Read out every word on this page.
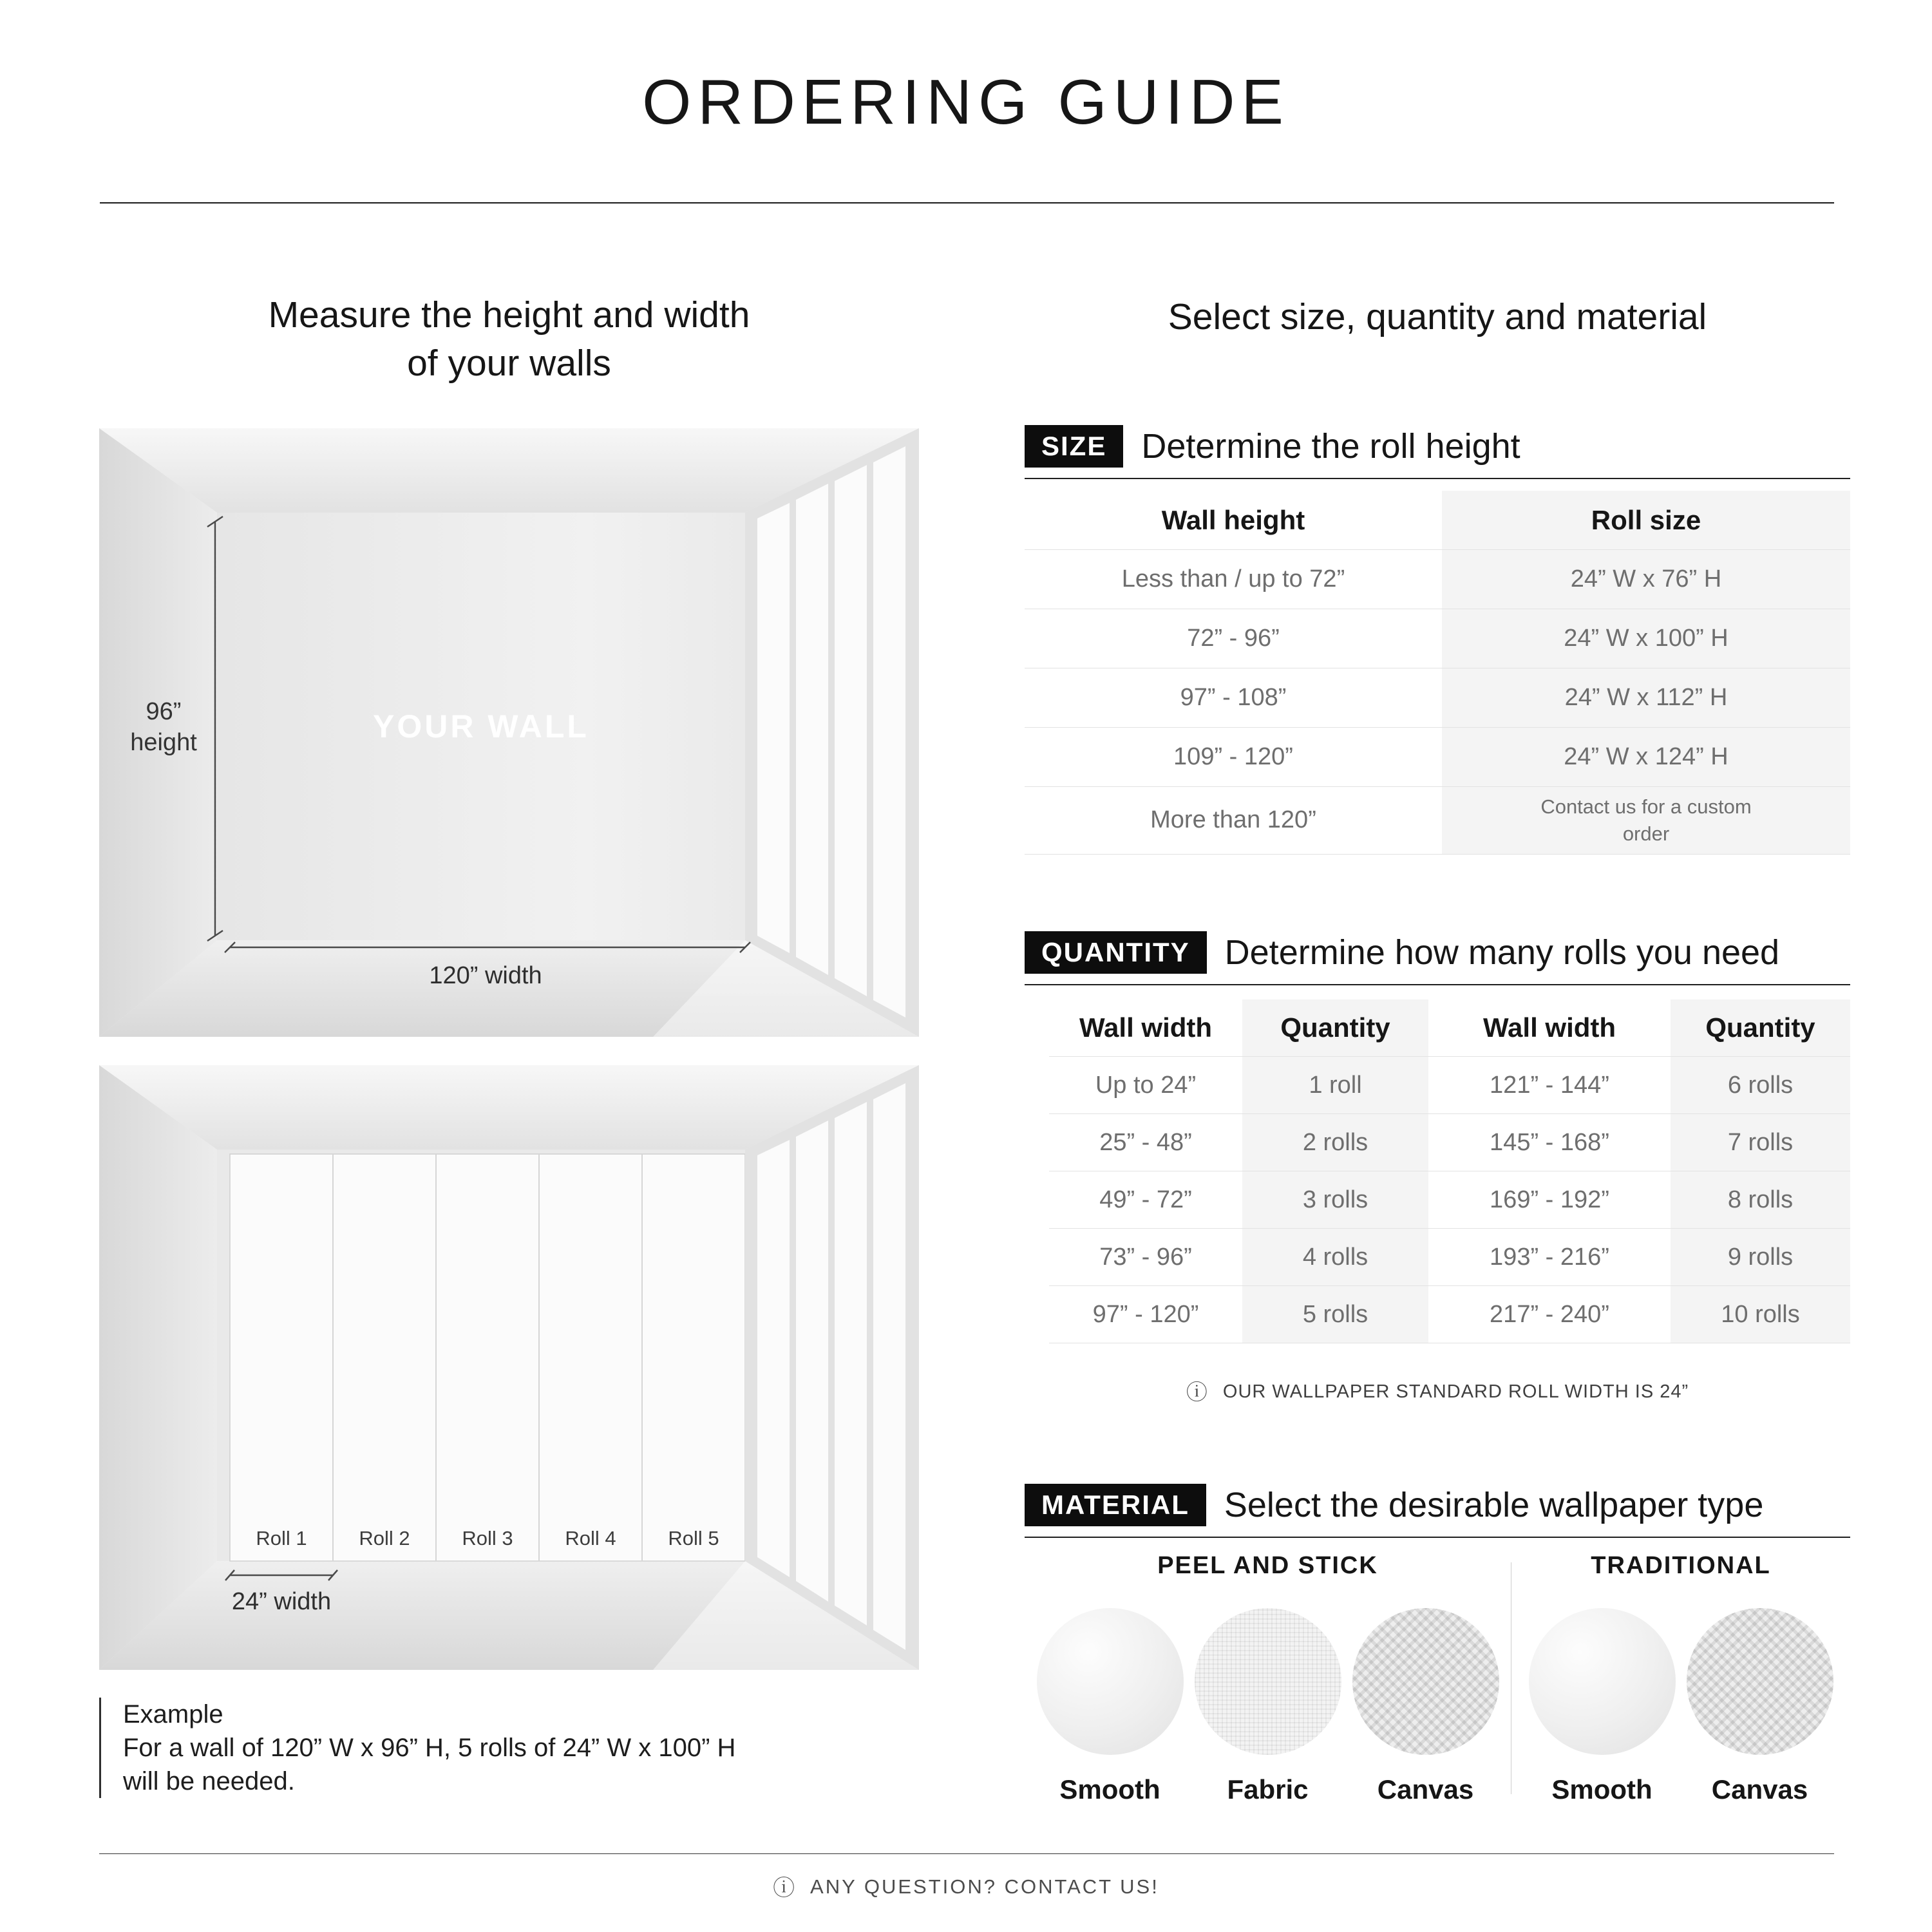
ORDERING GUIDE
Measure the height and width
of your walls
YOUR WALL
96”
height
120” width
Roll 1	Roll 2	Roll 3	Roll 4	Roll 5
24” width
Example
For a wall of 120” W x 96” H, 5 rolls of 24” W x 100” H
will be needed.
Select size, quantity and material
SIZE	Determine the roll height
Wall height	Roll size
Less than / up to 72”	24” W x 76” H
72” - 96”	24” W x 100” H
97” - 108”	24” W x 112” H
109” - 120”	24” W x 124” H
More than 120”	Contact us for a custom order
QUANTITY	Determine how many rolls you need
Wall width	Quantity	Wall width	Quantity
Up to 24”	1 roll	121” - 144”	6 rolls
25” - 48”	2 rolls	145” - 168”	7 rolls
49” - 72”	3 rolls	169” - 192”	8 rolls
73” - 96”	4 rolls	193” - 216”	9 rolls
97” - 120”	5 rolls	217” - 240”	10 rolls
ⓘ OUR WALLPAPER STANDARD ROLL WIDTH IS 24”
MATERIAL	Select the desirable wallpaper type
PEEL AND STICK
Smooth Fabric	Canvas
TRADITIONAL
Smooth Canvas
ⓘ ANY QUESTION? CONTACT US!
